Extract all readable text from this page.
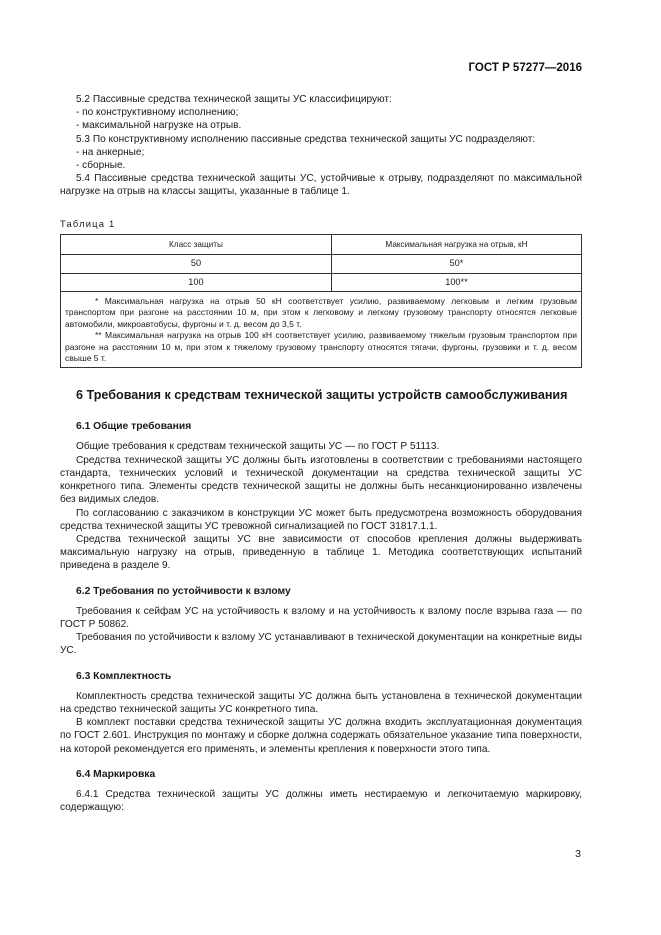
ГОСТ Р 57277—2016

5.2 Пассивные средства технической защиты УС классифицируют:

- по конструктивному исполнению;

- максимальной нагрузке на отрыв.

5.3 По конструктивному исполнению пассивные средства технической защиты УС подразделяют:

- на анкерные;

- сборные.

5.4 Пассивные средства технической защиты УС, устойчивые к отрыву, подразделяют по максимальной нагрузке на отрыв на классы защиты, указанные в таблице 1.

Таблица 1
Класс защиты	Максимальная нагрузка на отрыв, кН
50	50*
100	100**

* Максимальная нагрузка на отрыв 50 кН соответствует усилию, развиваемому легковым и легким грузовым транспортом при разгоне на расстоянии 10 м, при этом к легковому и легкому грузовому транспорту относятся легковые автомобили, микроавтобусы, фургоны и т. д. весом до 3,5 т.

** Максимальная нагрузка на отрыв 100 кН соответствует усилию, развиваемому тяжелым грузовым транспортом при разгоне на расстоянии 10 м, при этом к тяжелому грузовому транспорту относятся тягачи, фургоны, грузовики и т. д. весом свыше 5 т.	

6 Требования к средствам технической защиты устройств самообслуживания
6.1 Общие требования

Общие требования к средствам технической защиты УС — по ГОСТ Р 51113.

Средства технической защиты УС должны быть изготовлены в соответствии с требованиями настоящего стандарта, технических условий и технической документации на средства технической защиты УС конкретного типа. Элементы средств технической защиты не должны быть несанкционированно извлечены без видимых следов.

По согласованию с заказчиком в конструкции УС может быть предусмотрена возможность оборудования средства технической защиты УС тревожной сигнализацией по ГОСТ 31817.1.1.

Средства технической защиты УС вне зависимости от способов крепления должны выдерживать максимальную нагрузку на отрыв, приведенную в таблице 1. Методика соответствующих испытаний приведена в разделе 9.

6.2 Требования по устойчивости к взлому

Требования к сейфам УС на устойчивость к взлому и на устойчивость к взлому после взрыва газа — по ГОСТ Р 50862.

Требования по устойчивости к взлому УС устанавливают в технической документации на конкретные виды УС.

6.3 Комплектность

Комплектность средства технической защиты УС должна быть установлена в технической документации на средство технической защиты УС конкретного типа.

В комплект поставки средства технической защиты УС должна входить эксплуатационная документация по ГОСТ 2.601. Инструкция по монтажу и сборке должна содержать обязательное указание типа поверхности, на которой рекомендуется его применять, и элементы крепления к поверхности этого типа.

6.4 Маркировка

6.4.1 Средства технической защиты УС должны иметь нестираемую и легкочитаемую маркировку, содержащую:

3
